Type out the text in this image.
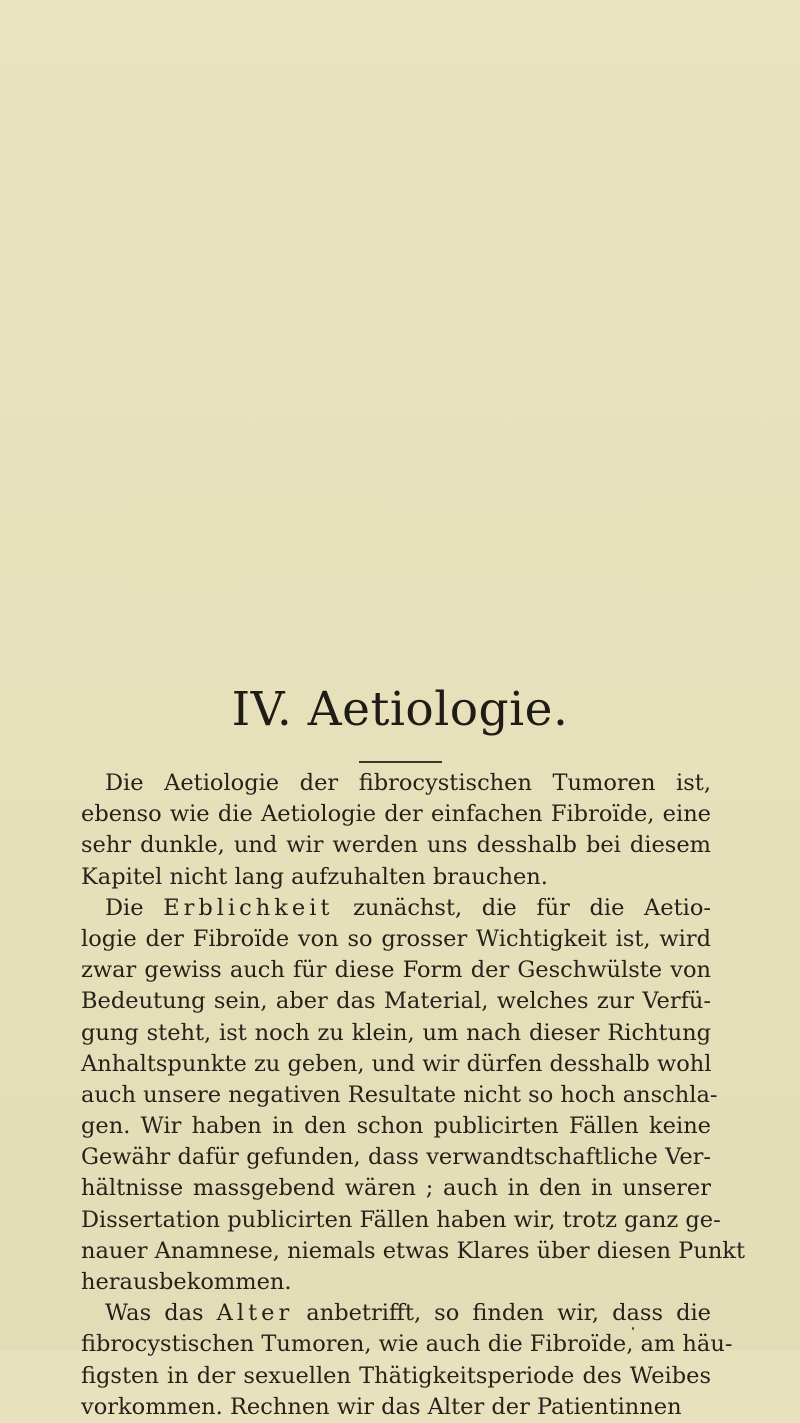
IV. Aetiologie.
Die Aetiologie der fibrocystischen Tumoren ist,
ebenso wie die Aetiologie der einfachen Fibroïde, eine
sehr dunkle, und wir werden uns desshalb bei diesem
Kapitel nicht lang aufzuhalten brauchen.
Die Erblichkeit zunächst, die für die Aetio-
logie der Fibroïde von so grosser Wichtigkeit ist, wird
zwar gewiss auch für diese Form der Geschwülste von
Bedeutung sein, aber das Material, welches zur Verfü-
gung steht, ist noch zu klein, um nach dieser Richtung
Anhaltspunkte zu geben, und wir dürfen desshalb wohl
auch unsere negativen Resultate nicht so hoch anschla-
gen. Wir haben in den schon publicirten Fällen keine
Gewähr dafür gefunden, dass verwandtschaftliche Ver-
hältnisse massgebend wären ; auch in den in unserer
Dissertation publicirten Fällen haben wir, trotz ganz ge-
nauer Anamnese, niemals etwas Klares über diesen Punkt
herausbekommen.
Was das Alter anbetrifft, so finden wir, dass die
fibrocystischen Tumoren, wie auch die Fibroïde, am häu-
figsten in der sexuellen Thätigkeitsperiode des Weibes
vorkommen. Rechnen wir das Alter der Patientinnen
